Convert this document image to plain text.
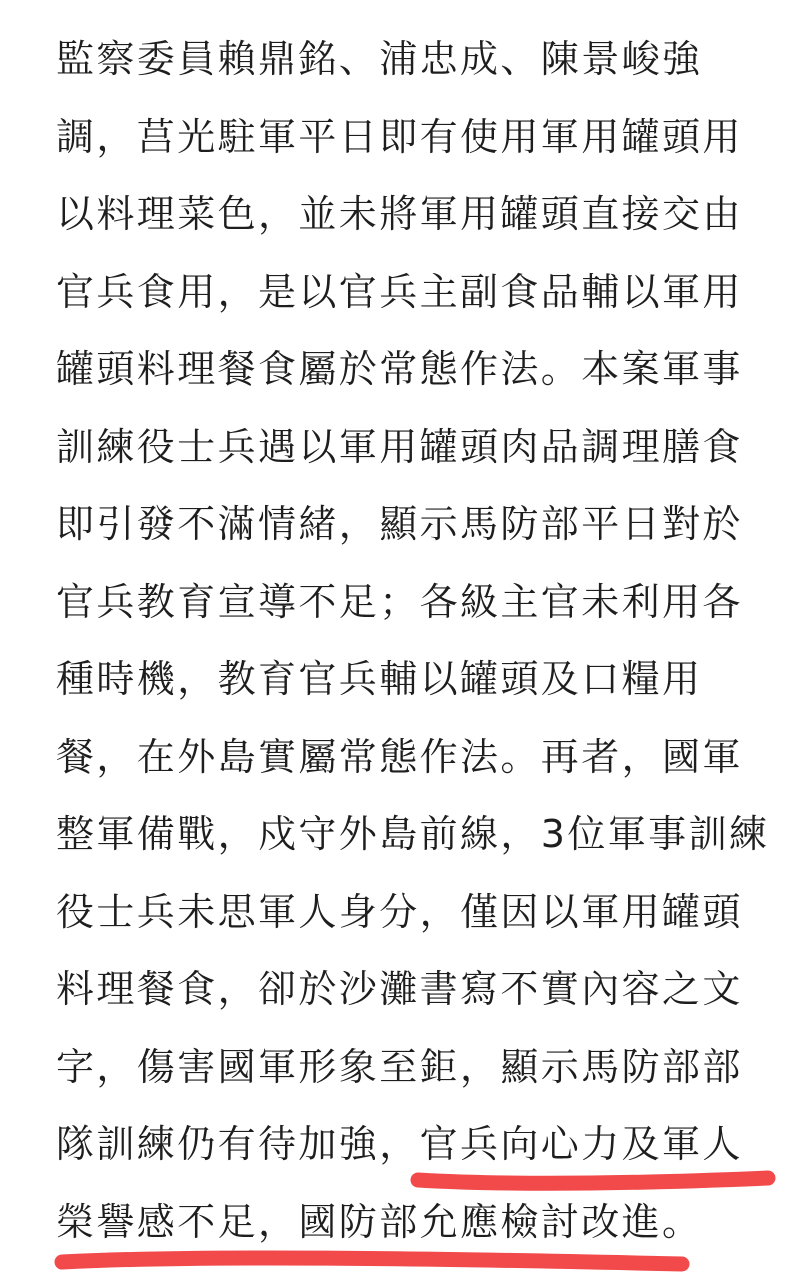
監察委員賴鼎銘、浦忠成、陳景峻強
調，莒光駐軍平日即有使用軍用罐頭用
以料理菜色，並未將軍用罐頭直接交由
官兵食用，是以官兵主副食品輔以軍用
罐頭料理餐食屬於常態作法。本案軍事
訓練役士兵遇以軍用罐頭肉品調理膳食
即引發不滿情緒，顯示馬防部平日對於
官兵教育宣導不足；各級主官未利用各
種時機，教育官兵輔以罐頭及口糧用
餐，在外島實屬常態作法。再者，國軍
整軍備戰，戍守外島前線，3位軍事訓練
役士兵未思軍人身分，僅因以軍用罐頭
料理餐食，卻於沙灘書寫不實內容之文
字，傷害國軍形象至鉅，顯示馬防部部
隊訓練仍有待加強，官兵向心力及軍人
榮譽感不足，國防部允應檢討改進。
